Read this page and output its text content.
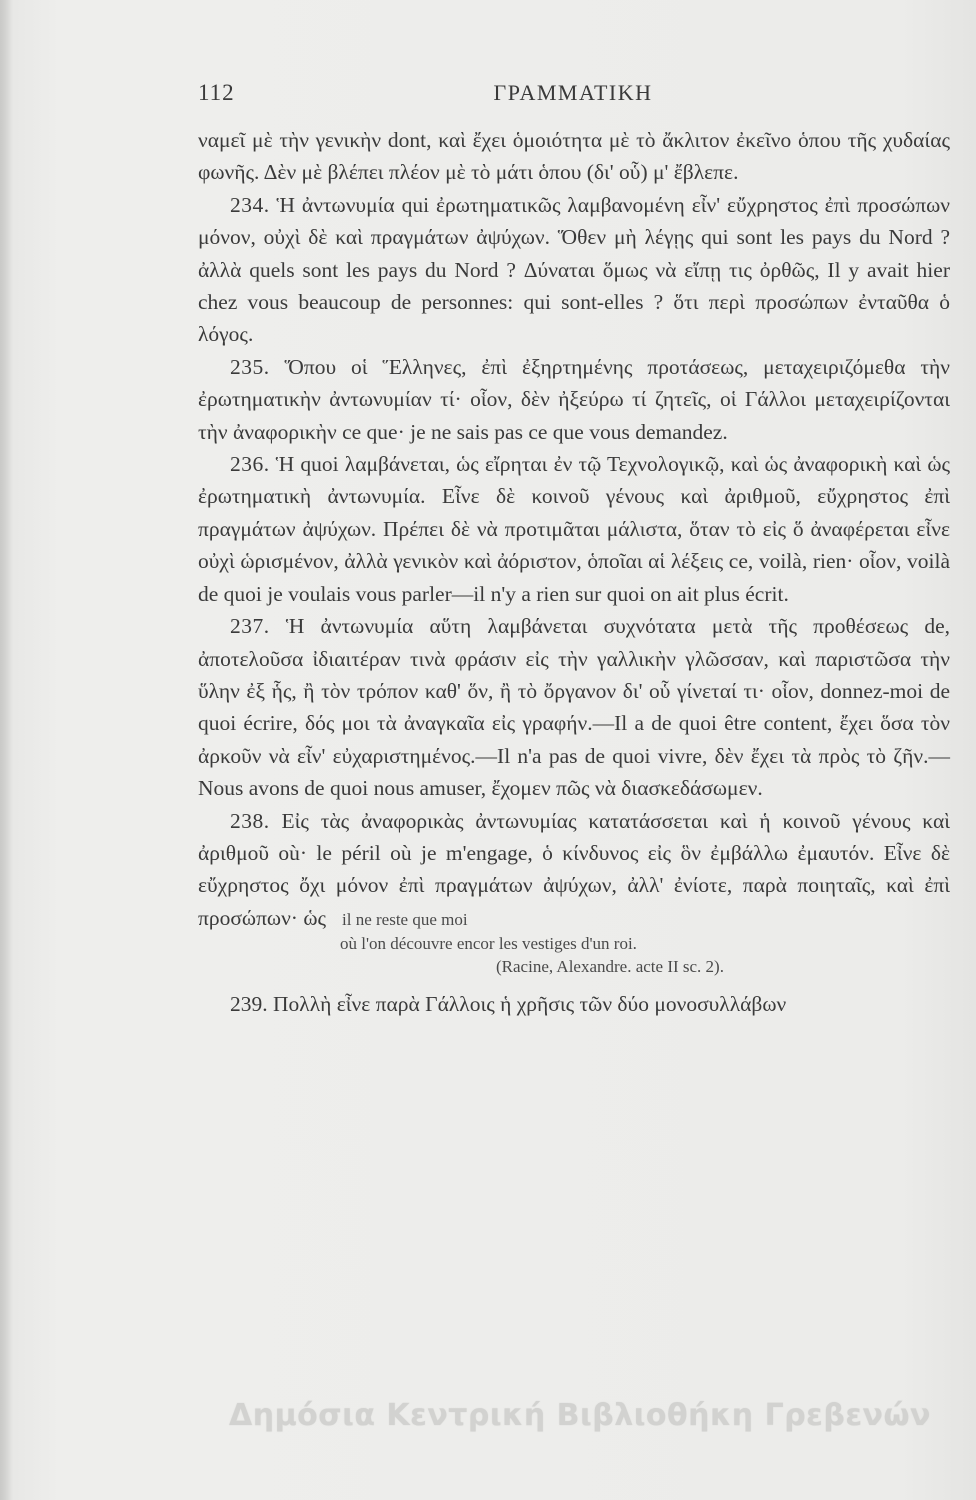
112	ΓΡΑΜΜΑΤΙΚΗ

ναμεῖ μὲ τὴν γενικὴν dont, καὶ ἔχει ὁμοιότητα μὲ τὸ ἄκλιτον ἐκεῖνο ὁπου τῆς χυδαίας φωνῆς. Δὲν μὲ βλέπει πλέον μὲ τὸ μάτι ὁπου (δι' οὗ) μ' ἔβλεπε.

234. Ἡ ἀντωνυμία qui ἐρωτηματικῶς λαμβανομένη εἶν' εὔχρηστος ἐπὶ προσώπων μόνον, οὐχὶ δὲ καὶ πραγμάτων ἀψύχων. Ὅθεν μὴ λέγῃς qui sont les pays du Nord ? ἀλλὰ quels sont les pays du Nord ? Δύναται ὅμως νὰ εἴπῃ τις ὀρθῶς, Il y avait hier chez vous beaucoup de personnes: qui sont-elles ? ὅτι περὶ προσώπων ἐνταῦθα ὁ λόγος.

235. Ὅπου οἱ Ἕλληνες, ἐπὶ ἐξηρτημένης προτάσεως, μεταχειριζόμεθα τὴν ἐρωτηματικὴν ἀντωνυμίαν τί· οἷον, δὲν ἠξεύρω τί ζητεῖς, οἱ Γάλλοι μεταχειρίζονται τὴν ἀναφορικὴν ce que· je ne sais pas ce que vous demandez.

236. Ἡ quoi λαμβάνεται, ὡς εἴρηται ἐν τῷ Τεχνολογικῷ, καὶ ὡς ἀναφορικὴ καὶ ὡς ἐρωτηματικὴ ἀντωνυμία. Εἶνε δὲ κοινοῦ γένους καὶ ἀριθμοῦ, εὔχρηστος ἐπὶ πραγμάτων ἀψύχων. Πρέπει δὲ νὰ προτιμᾶται μάλιστα, ὅταν τὸ εἰς ὅ ἀναφέρεται εἶνε οὐχὶ ὡρισμένον, ἀλλὰ γενικὸν καὶ ἀόριστον, ὁποῖαι αἱ λέξεις ce, voilà, rien· οἷον, voilà de quoi je voulais vous parler—il n'y a rien sur quoi on ait plus écrit.

237. Ἡ ἀντωνυμία αὕτη λαμβάνεται συχνότατα μετὰ τῆς προθέσεως de, ἀποτελοῦσα ἰδιαιτέραν τινὰ φράσιν εἰς τὴν γαλλικὴν γλῶσσαν, καὶ παριστῶσα τὴν ὕλην ἐξ ἧς, ἢ τὸν τρόπον καθ' ὅν, ἢ τὸ ὄργανον δι' οὗ γίνεταί τι· οἷον, donnez-moi de quoi écrire, δός μοι τὰ ἀναγκαῖα εἰς γραφήν.—Il a de quoi être content, ἔχει ὅσα τὸν ἀρκοῦν νὰ εἶν' εὐχαριστημένος.—Il n'a pas de quoi vivre, δὲν ἔχει τὰ πρὸς τὸ ζῆν.—Nous avons de quoi nous amuser, ἔχομεν πῶς νὰ διασκεδάσωμεν.

238. Εἰς τὰς ἀναφορικὰς ἀντωνυμίας κατατάσσεται καὶ ἡ κοινοῦ γένους καὶ ἀριθμοῦ où· le péril où je m'engage, ὁ κίνδυνος εἰς ὃν ἐμβάλλω ἐμαυτόν. Εἶνε δὲ εὔχρηστος ὄχι μόνον ἐπὶ πραγμάτων ἀψύχων, ἀλλ' ἐνίοτε, παρὰ ποιηταῖς, καὶ ἐπὶ προσώπων· ὡς il ne reste que moi
où l'on découvre encor les vestiges d'un roi.
(Racine, Alexandre. acte II sc. 2).
239. Πολλὴ εἶνε παρὰ Γάλλοις ἡ χρῆσις τῶν δύο μονοσυλλάβων
Δημόσια Κεντρική Βιβλιοθήκη Γρεβενών
